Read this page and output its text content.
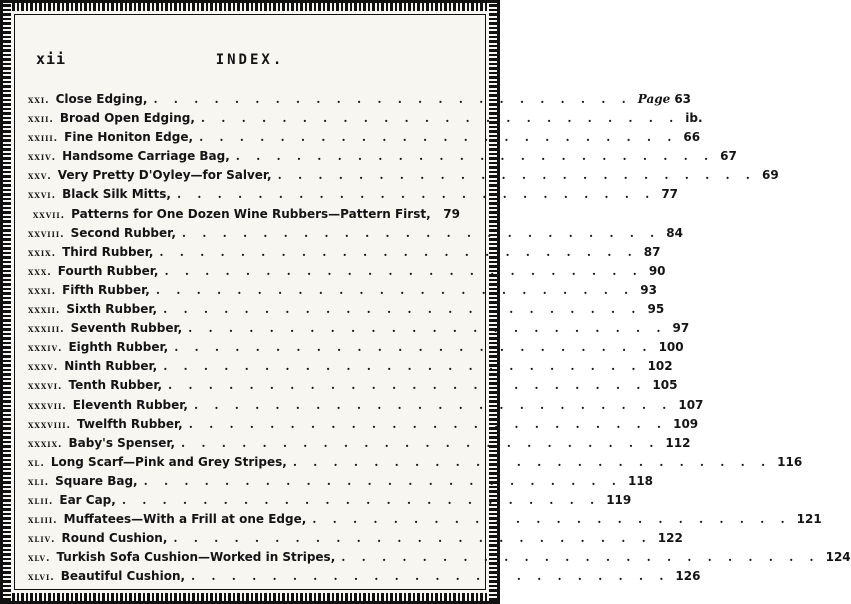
xii	INDEX.
xxi. Close Edging, . . . . . . . . . . . . . . . . . . . . . . . . Page 63
xxii. Broad Open Edging, . . . . . . . . . . . . . . . . . . . . . . . . ib.
xxiii. Fine Honiton Edge, . . . . . . . . . . . . . . . . . . . . . . . . 66
xxiv. Handsome Carriage Bag, . . . . . . . . . . . . . . . . . . . . . . . . 67
xxv. Very Pretty D'Oyley—for Salver, . . . . . . . . . . . . . . . . . . . . . . . . 69
xxvi. Black Silk Mitts, . . . . . . . . . . . . . . . . . . . . . . . . 77
xxvii. Patterns for One Dozen Wine Rubbers—Pattern First, 79
xxviii. Second Rubber, . . . . . . . . . . . . . . . . . . . . . . . . 84
xxix. Third Rubber, . . . . . . . . . . . . . . . . . . . . . . . . 87
xxx. Fourth Rubber, . . . . . . . . . . . . . . . . . . . . . . . . 90
xxxi. Fifth Rubber, . . . . . . . . . . . . . . . . . . . . . . . . 93
xxxii. Sixth Rubber, . . . . . . . . . . . . . . . . . . . . . . . . 95
xxxiii. Seventh Rubber, . . . . . . . . . . . . . . . . . . . . . . . . 97
xxxiv. Eighth Rubber, . . . . . . . . . . . . . . . . . . . . . . . . 100
xxxv. Ninth Rubber, . . . . . . . . . . . . . . . . . . . . . . . . 102
xxxvi. Tenth Rubber, . . . . . . . . . . . . . . . . . . . . . . . . 105
xxxvii. Eleventh Rubber, . . . . . . . . . . . . . . . . . . . . . . . . 107
xxxviii. Twelfth Rubber, . . . . . . . . . . . . . . . . . . . . . . . . 109
xxxix. Baby's Spenser, . . . . . . . . . . . . . . . . . . . . . . . . 112
xl. Long Scarf—Pink and Grey Stripes, . . . . . . . . . . . . . . . . . . . . . . . . 116
xli. Square Bag, . . . . . . . . . . . . . . . . . . . . . . . . 118
xlii. Ear Cap, . . . . . . . . . . . . . . . . . . . . . . . . 119
xliii. Muffatees—With a Frill at one Edge, . . . . . . . . . . . . . . . . . . . . . . . . 121
xliv. Round Cushion, . . . . . . . . . . . . . . . . . . . . . . . . 122
xlv. Turkish Sofa Cushion—Worked in Stripes, . . . . . . . . . . . . . . . . . . . . . . . . 124
xlvi. Beautiful Cushion, . . . . . . . . . . . . . . . . . . . . . . . . 126
